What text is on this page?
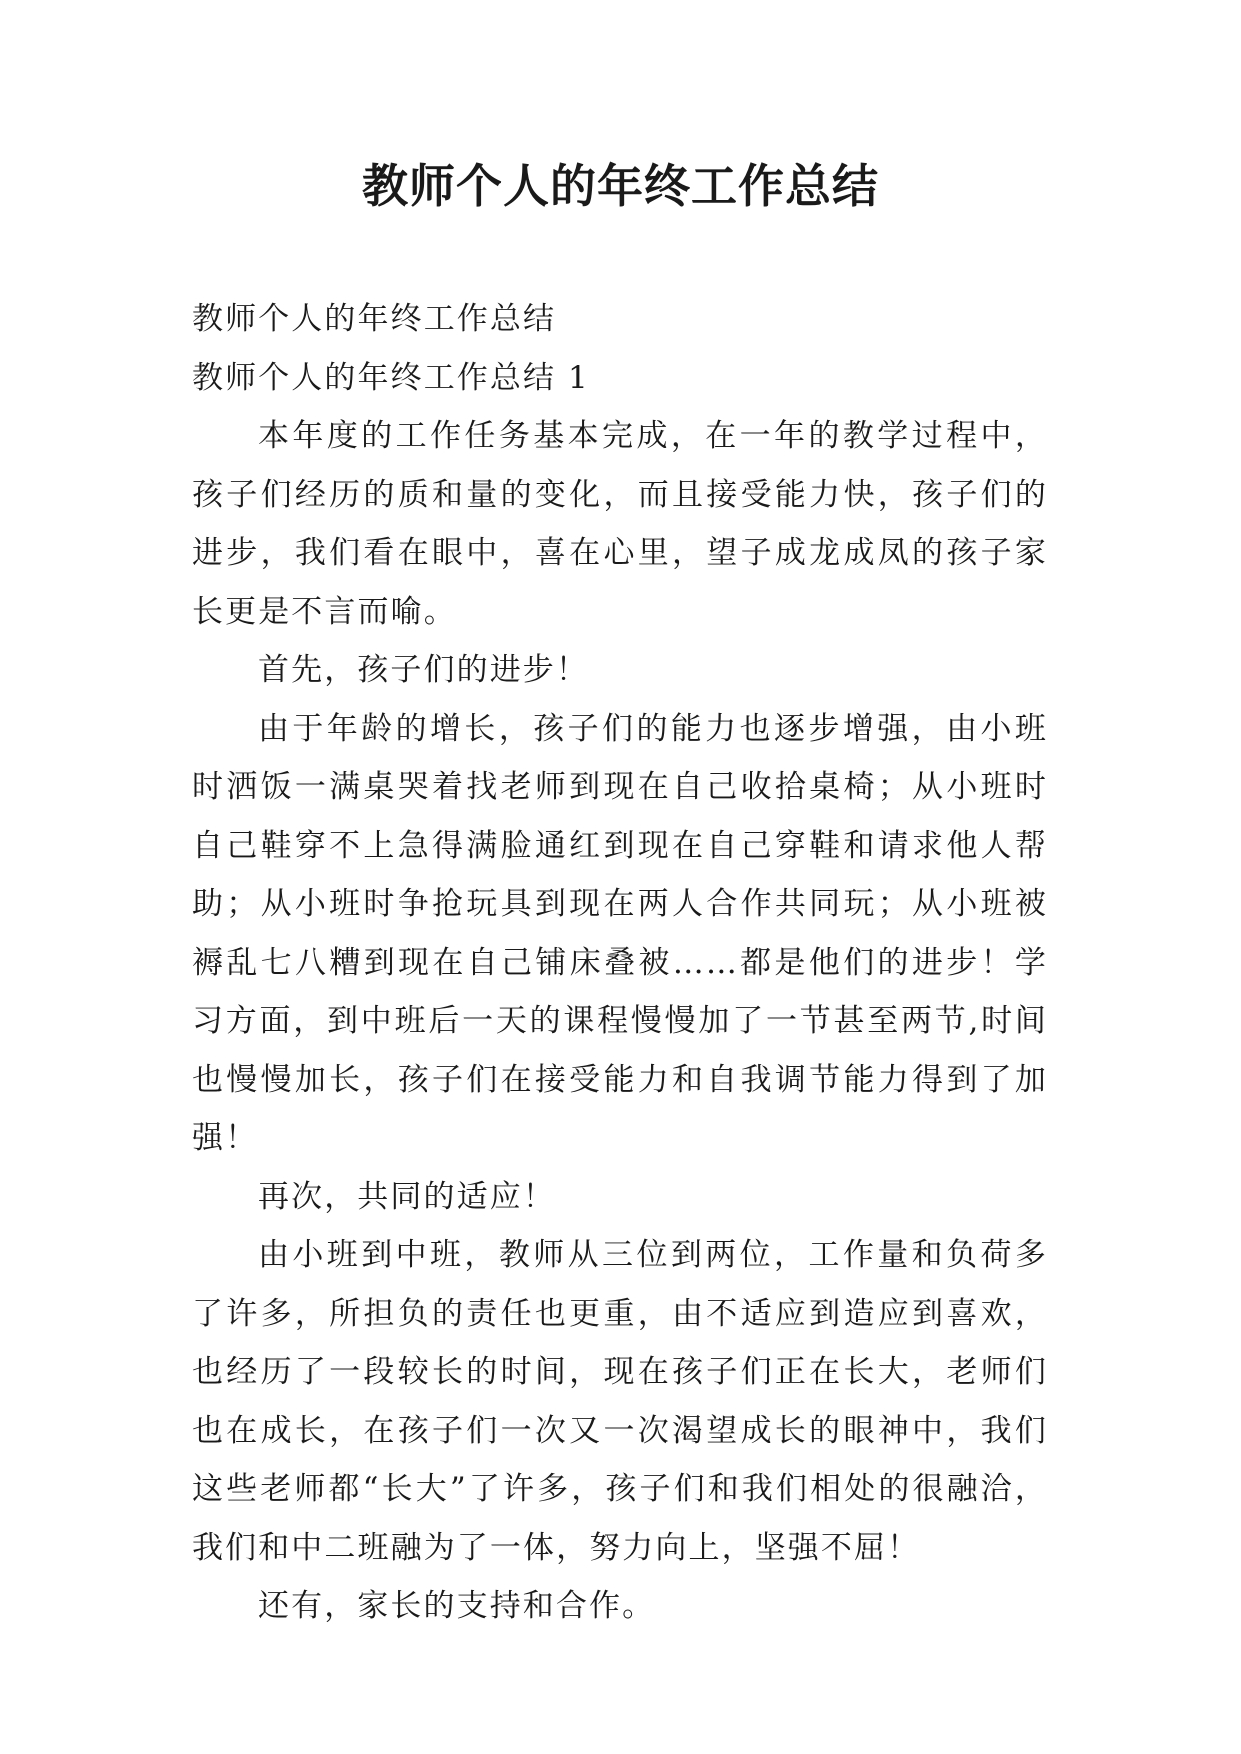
教师个人的年终工作总结

教师个人的年终工作总结

教师个人的年终工作总结 1

本年度的工作任务基本完成，在一年的教学过程中，孩子们经历的质和量的变化，而且接受能力快，孩子们的进步，我们看在眼中，喜在心里，望子成龙成凤的孩子家长更是不言而喻。

首先，孩子们的进步！

由于年龄的增长，孩子们的能力也逐步增强，由小班时洒饭一满桌哭着找老师到现在自己收拾桌椅；从小班时自己鞋穿不上急得满脸通红到现在自己穿鞋和请求他人帮助；从小班时争抢玩具到现在两人合作共同玩；从小班被褥乱七八糟到现在自己铺床叠被……都是他们的进步！学习方面，到中班后一天的课程慢慢加了一节甚至两节,时间也慢慢加长，孩子们在接受能力和自我调节能力得到了加强！

再次，共同的适应！

由小班到中班，教师从三位到两位，工作量和负荷多了许多，所担负的责任也更重，由不适应到造应到喜欢，也经历了一段较长的时间，现在孩子们正在长大，老师们也在成长，在孩子们一次又一次渴望成长的眼神中，我们这些老师都“长大”了许多，孩子们和我们相处的很融洽，我们和中二班融为了一体，努力向上，坚强不屈！

还有，家长的支持和合作。
